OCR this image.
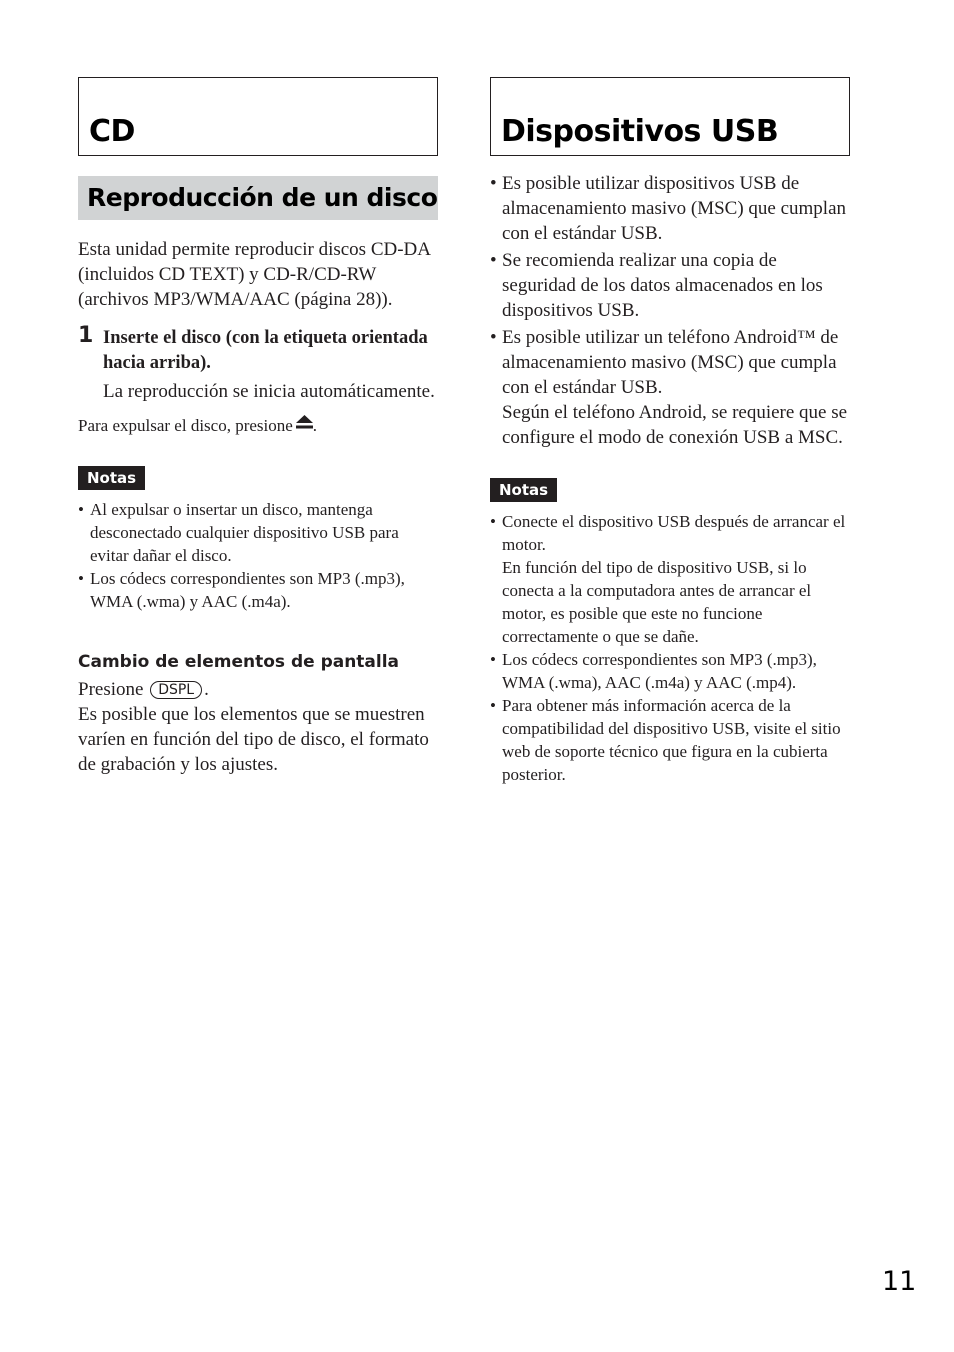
CD
Reproducción de un disco

Esta unidad permite reproducir discos CD-DA (incluidos CD TEXT) y CD-R/CD-RW (archivos MP3/WMA/AAC (página 28)).

1 Inserte el disco (con la etiqueta orientada hacia arriba).

La reproducción se inicia automáticamente.

Para expulsar el disco, presione .

Notas
• Al expulsar o insertar un disco, mantenga desconectado cualquier dispositivo USB para evitar dañar el disco.
• Los códecs correspondientes son MP3 (.mp3), WMA (.wma) y AAC (.m4a).

Cambio de elementos de pantalla

Presione DSPL .

Es posible que los elementos que se muestren varíen en función del tipo de disco, el formato de grabación y los ajustes.

Dispositivos USB
• Es posible utilizar dispositivos USB de almacenamiento masivo (MSC) que cumplan con el estándar USB.
• Se recomienda realizar una copia de seguridad de los datos almacenados en los dispositivos USB.
• Es posible utilizar un teléfono Android™ de almacenamiento masivo (MSC) que cumpla con el estándar USB.
Según el teléfono Android, se requiere que se configure el modo de conexión USB a MSC.
Notas
• Conecte el dispositivo USB después de arrancar el motor.
En función del tipo de dispositivo USB, si lo conecta a la computadora antes de arrancar el motor, es posible que este no funcione correctamente o que se dañe.
• Los códecs correspondientes son MP3 (.mp3), WMA (.wma), AAC (.m4a) y AAC (.mp4).
• Para obtener más información acerca de la compatibilidad del dispositivo USB, visite el sitio web de soporte técnico que figura en la cubierta posterior.
11
